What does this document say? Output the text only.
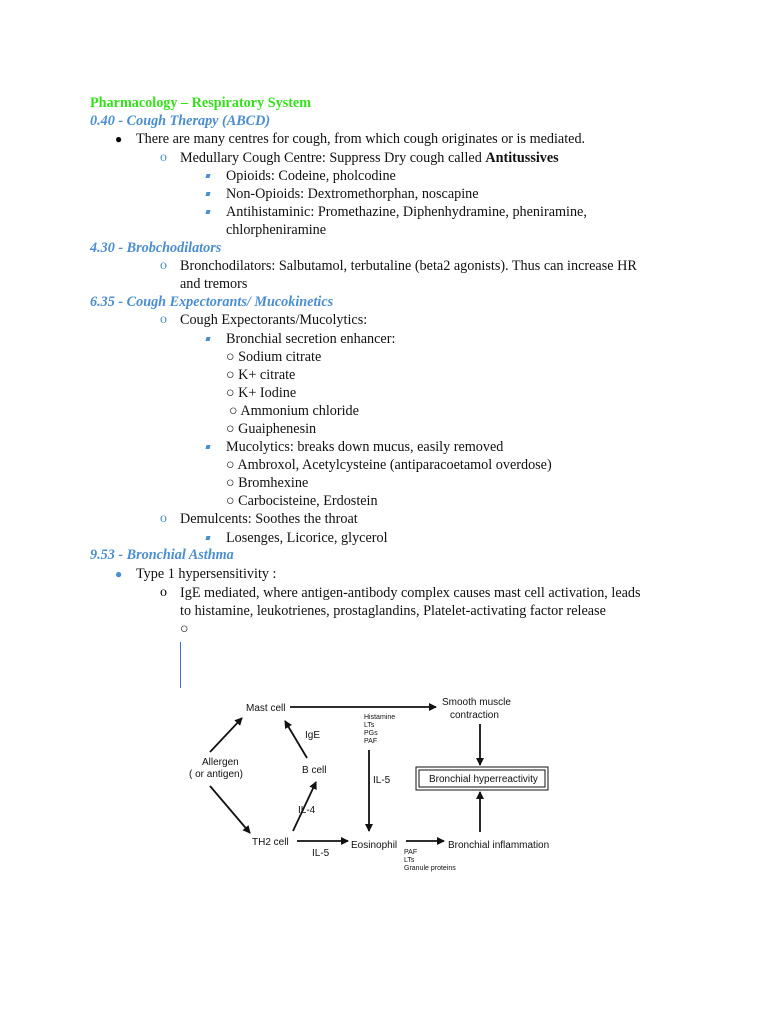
Pharmacology – Respiratory System
0.40 - Cough Therapy (ABCD)
● There are many centres for cough, from which cough originates or is mediated.
o Medullary Cough Centre: Suppress Dry cough called Antitussives
Opioids: Codeine, pholcodine
Non-Opioids: Dextromethorphan, noscapine
Antihistaminic: Promethazine, Diphenhydramine, pheniramine,
chlorpheniramine
4.30 - Brobchodilators
o Bronchodilators: Salbutamol, terbutaline (beta2 agonists). Thus can increase HR
and tremors
6.35 - Cough Expectorants/ Mucokinetics
o Cough Expectorants/Mucolytics:
Bronchial secretion enhancer:
○ Sodium citrate
○ K+ citrate
○ K+ Iodine
○ Ammonium chloride
○ Guaiphenesin
Mucolytics: breaks down mucus, easily removed
○ Ambroxol, Acetylcysteine (antiparacoetamol overdose)
○ Bromhexine
○ Carbocisteine, Erdostein
o Demulcents: Soothes the throat
Losenges, Licorice, glycerol
9.53 - Bronchial Asthma
● Type 1 hypersensitivity :
o IgE mediated, where antigen-antibody complex causes mast cell activation, leads
to histamine, leukotrienes, prostaglandins, Platelet-activating factor release
○
Mast cell
Smooth muscle
contraction
Allergen
( or antigen)	B cell
TH2 cell	Eosinophil	Bronchial inflammation
Bronchial hyperreactivity
IgE
IL-4
IL-5
IL-5
Histamine
LTs
PGs
PAF
PAF
LTs
Granule proteins
